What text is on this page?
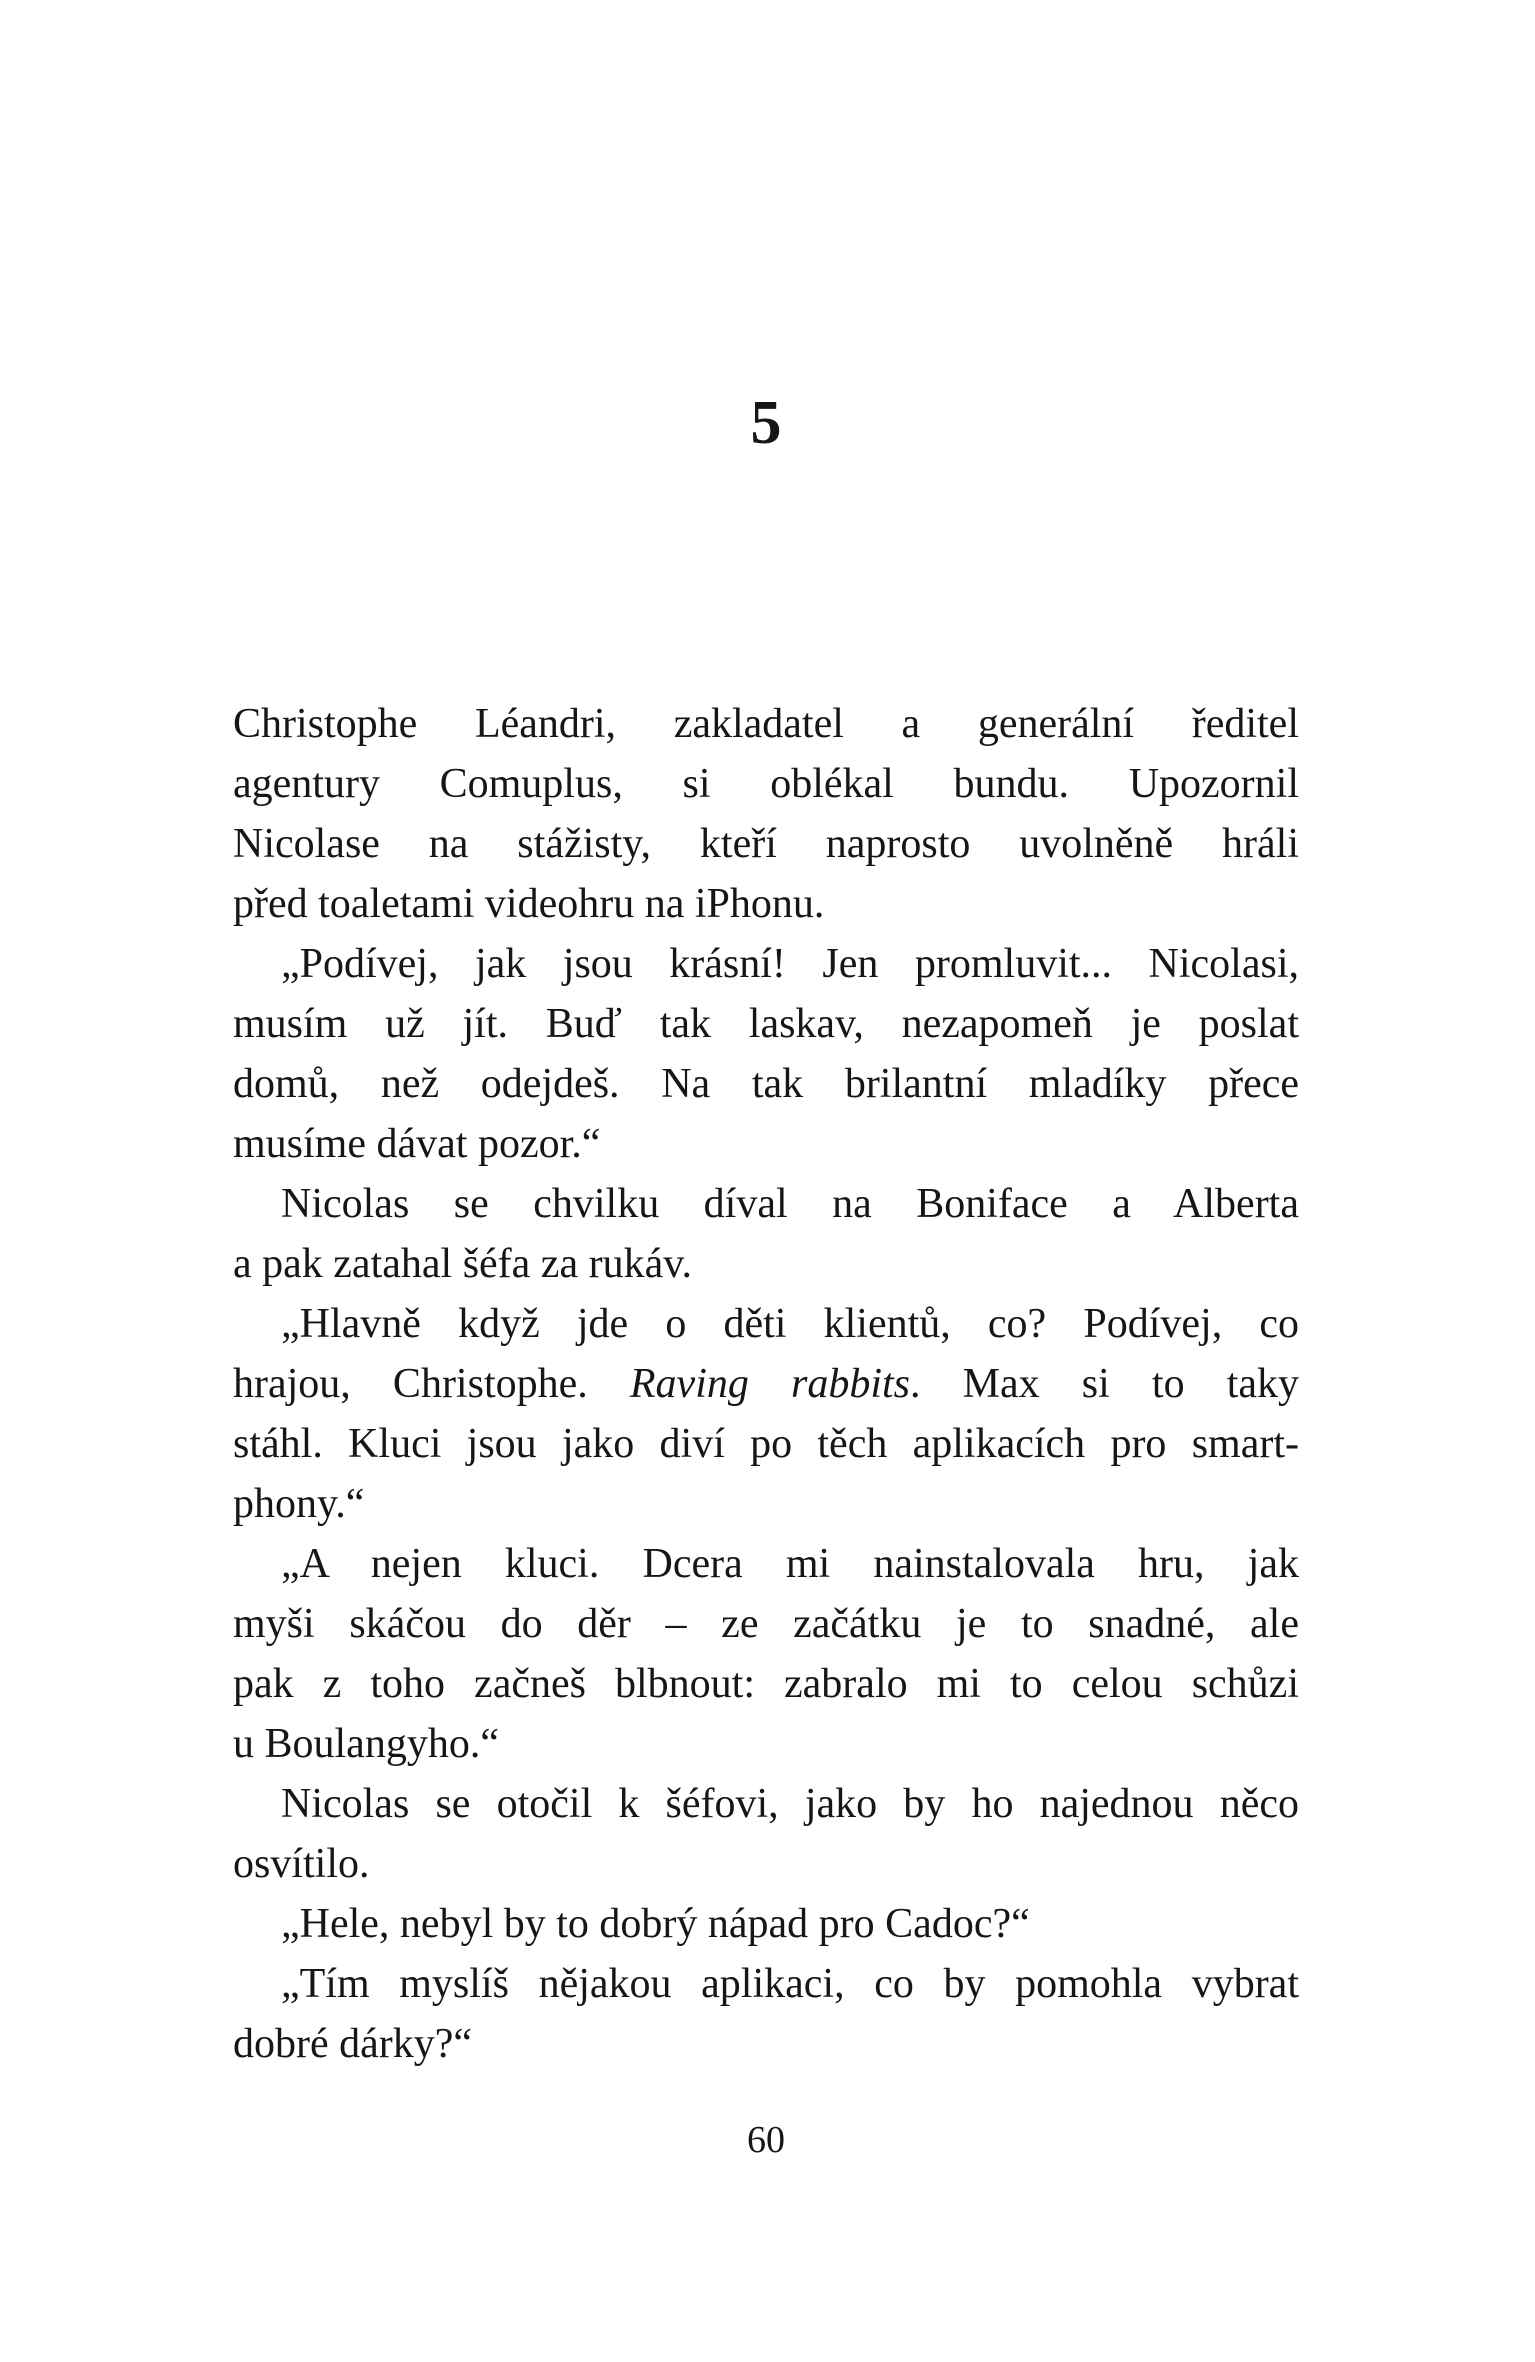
5
Christophe Léandri, zakladatel a generální ředitel
agentury Comuplus, si oblékal bundu. Upozornil
Nicolase na stážisty, kteří naprosto uvolněně hráli
před toaletami videohru na iPhonu.
„Podívej, jak jsou krásní! Jen promluvit... Nicolasi,
musím už jít. Buď tak laskav, nezapomeň je poslat
domů, než odejdeš. Na tak brilantní mladíky přece
musíme dávat pozor.“
Nicolas se chvilku díval na Boniface a Alberta
a pak zatahal šéfa za rukáv.
„Hlavně když jde o děti klientů, co? Podívej, co
hrajou, Christophe. Raving rabbits. Max si to taky
stáhl. Kluci jsou jako diví po těch aplikacích pro smart-
phony.“
„A nejen kluci. Dcera mi nainstalovala hru, jak
myši skáčou do děr – ze začátku je to snadné, ale
pak z toho začneš blbnout: zabralo mi to celou schůzi
u Boulangyho.“
Nicolas se otočil k šéfovi, jako by ho najednou něco
osvítilo.
„Hele, nebyl by to dobrý nápad pro Cadoc?“
„Tím myslíš nějakou aplikaci, co by pomohla vybrat
dobré dárky?“
60
